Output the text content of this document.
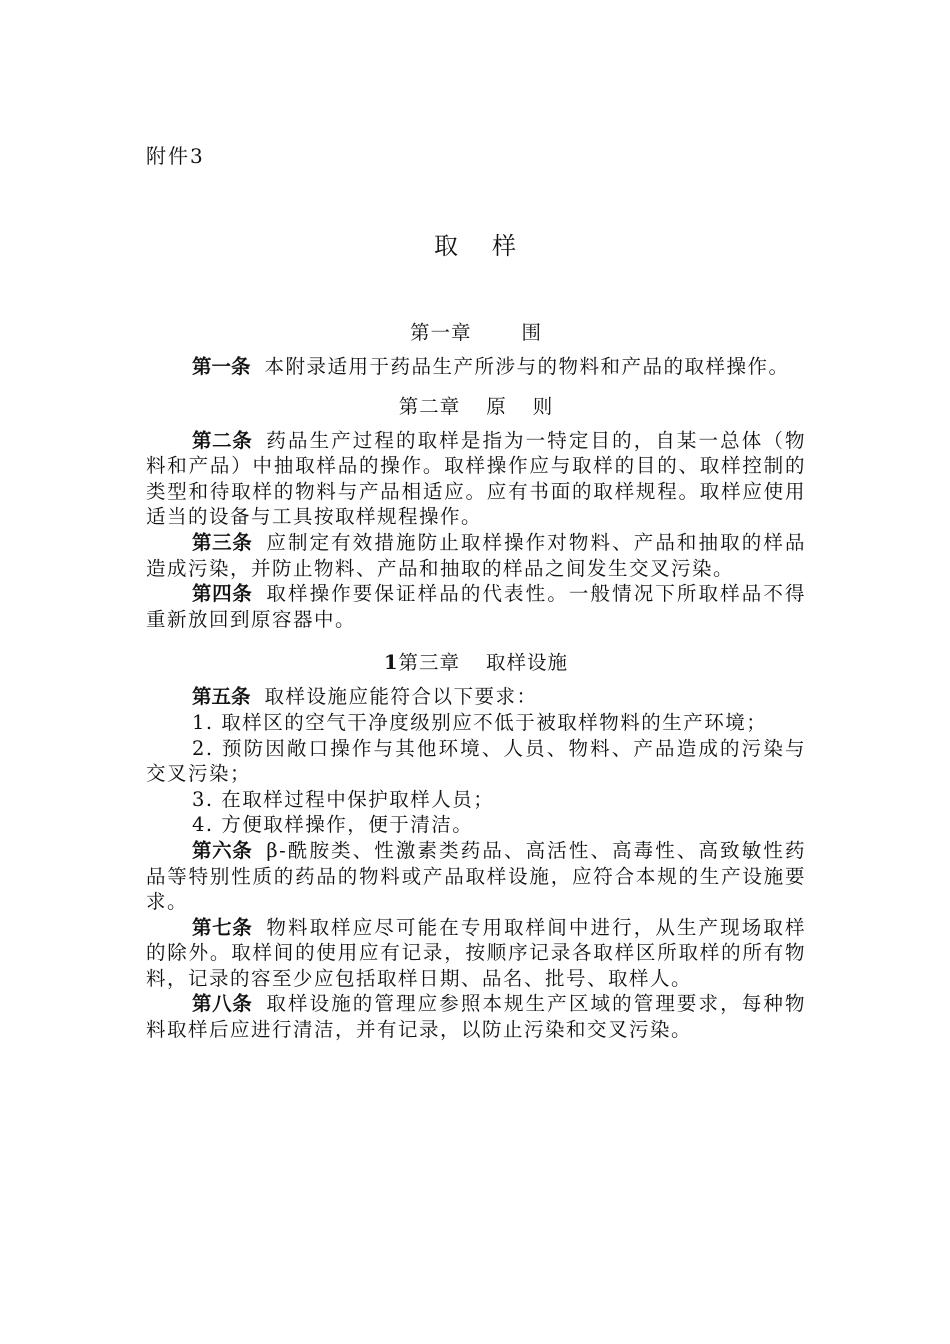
附件3
取样
第一章	围

第一条 本附录适用于药品生产所涉与的物料和产品的取样操作。

第二章 原 则

第二条 药品生产过程的取样是指为一特定目的，自某一总体（物料和产品）中抽取样品的操作。取样操作应与取样的目的、取样控制的类型和待取样的物料与产品相适应。应有书面的取样规程。取样应使用适当的设备与工具按取样规程操作。

第三条 应制定有效措施防止取样操作对物料、产品和抽取的样品造成污染，并防止物料、产品和抽取的样品之间发生交叉污染。

第四条 取样操作要保证样品的代表性。一般情况下所取样品不得重新放回到原容器中。

1第三章 取样设施

第五条 取样设施应能符合以下要求：

1. 取样区的空气干净度级别应不低于被取样物料的生产环境；

2. 预防因敞口操作与其他环境、人员、物料、产品造成的污染与交叉污染；

3. 在取样过程中保护取样人员；

4. 方便取样操作，便于清洁。

第六条 β-酰胺类、性激素类药品、高活性、高毒性、高致敏性药品等特别性质的药品的物料或产品取样设施，应符合本规的生产设施要求。

第七条 物料取样应尽可能在专用取样间中进行，从生产现场取样的除外。取样间的使用应有记录，按顺序记录各取样区所取样的所有物料，记录的容至少应包括取样日期、品名、批号、取样人。

第八条 取样设施的管理应参照本规生产区域的管理要求，每种物料取样后应进行清洁，并有记录，以防止污染和交叉污染。
